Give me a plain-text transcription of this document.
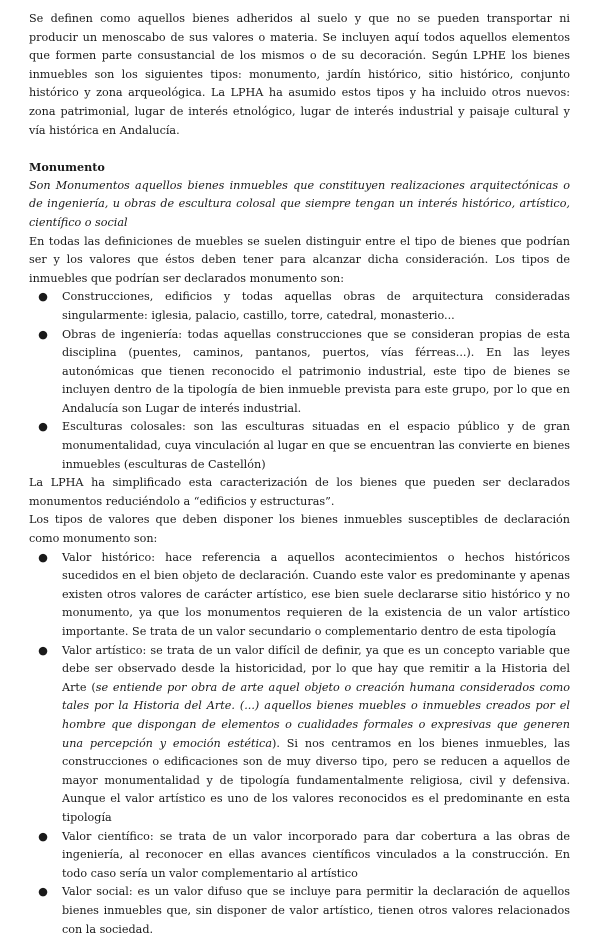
Se definen como aquellos bienes adheridos al suelo y que no se pueden transportar ni producir un menoscabo de sus valores o materia. Se incluyen aquí todos aquellos elementos que formen parte consustancial de los mismos o de su decoración. Según LPHE los bienes inmuebles son los siguientes tipos: monumento, jardín histórico, sitio histórico, conjunto histórico y zona arqueológica. La LPHA ha asumido estos tipos y ha incluido otros nuevos: zona patrimonial, lugar de interés etnológico, lugar de interés industrial y paisaje cultural y vía histórica en Andalucía.

Monumento

Son Monumentos aquellos bienes inmuebles que constituyen realizaciones arquitectónicas o de ingeniería, u obras de escultura colosal que siempre tengan un interés histórico, artístico, científico o social

En todas las definiciones de muebles se suelen distinguir entre el tipo de bienes que podrían ser y los valores que éstos deben tener para alcanzar dicha consideración. Los tipos de inmuebles que podrían ser declarados monumento son:

● Construcciones, edificios y todas aquellas obras de arquitectura consideradas singularmente: iglesia, palacio, castillo, torre, catedral, monasterio...
● Obras de ingeniería: todas aquellas construcciones que se consideran propias de esta disciplina (puentes, caminos, pantanos, puertos, vías férreas...). En las leyes autonómicas que tienen reconocido el patrimonio industrial, este tipo de bienes se incluyen dentro de la tipología de bien inmueble prevista para este grupo, por lo que en Andalucía son Lugar de interés industrial.
● Esculturas colosales: son las esculturas situadas en el espacio público y de gran monumentalidad, cuya vinculación al lugar en que se encuentran las convierte en bienes inmuebles (esculturas de Castellón)

La LPHA ha simplificado esta caracterización de los bienes que pueden ser declarados monumentos reduciéndolo a “edificios y estructuras”.

Los tipos de valores que deben disponer los bienes inmuebles susceptibles de declaración como monumento son:

● Valor histórico: hace referencia a aquellos acontecimientos o hechos históricos sucedidos en el bien objeto de declaración. Cuando este valor es predominante y apenas existen otros valores de carácter artístico, ese bien suele declararse sitio histórico y no monumento, ya que los monumentos requieren de la existencia de un valor artístico importante. Se trata de un valor secundario o complementario dentro de esta tipología
● Valor artístico: se trata de un valor difícil de definir, ya que es un concepto variable que debe ser observado desde la historicidad, por lo que hay que remitir a la Historia del Arte (se entiende por obra de arte aquel objeto o creación humana considerados como tales por la Historia del Arte. (...) aquellos bienes muebles o inmuebles creados por el hombre que dispongan de elementos o cualidades formales o expresivas que generen una percepción y emoción estética). Si nos centramos en los bienes inmuebles, las construcciones o edificaciones son de muy diverso tipo, pero se reducen a aquellos de mayor monumentalidad y de tipología fundamentalmente religiosa, civil y defensiva. Aunque el valor artístico es uno de los valores reconocidos es el predominante en esta tipología
● Valor científico: se trata de un valor incorporado para dar cobertura a las obras de ingeniería, al reconocer en ellas avances científicos vinculados a la construcción. En todo caso sería un valor complementario al artístico
● Valor social: es un valor difuso que se incluye para permitir la declaración de aquellos bienes inmuebles que, sin disponer de valor artístico, tienen otros valores relacionados con la sociedad.
